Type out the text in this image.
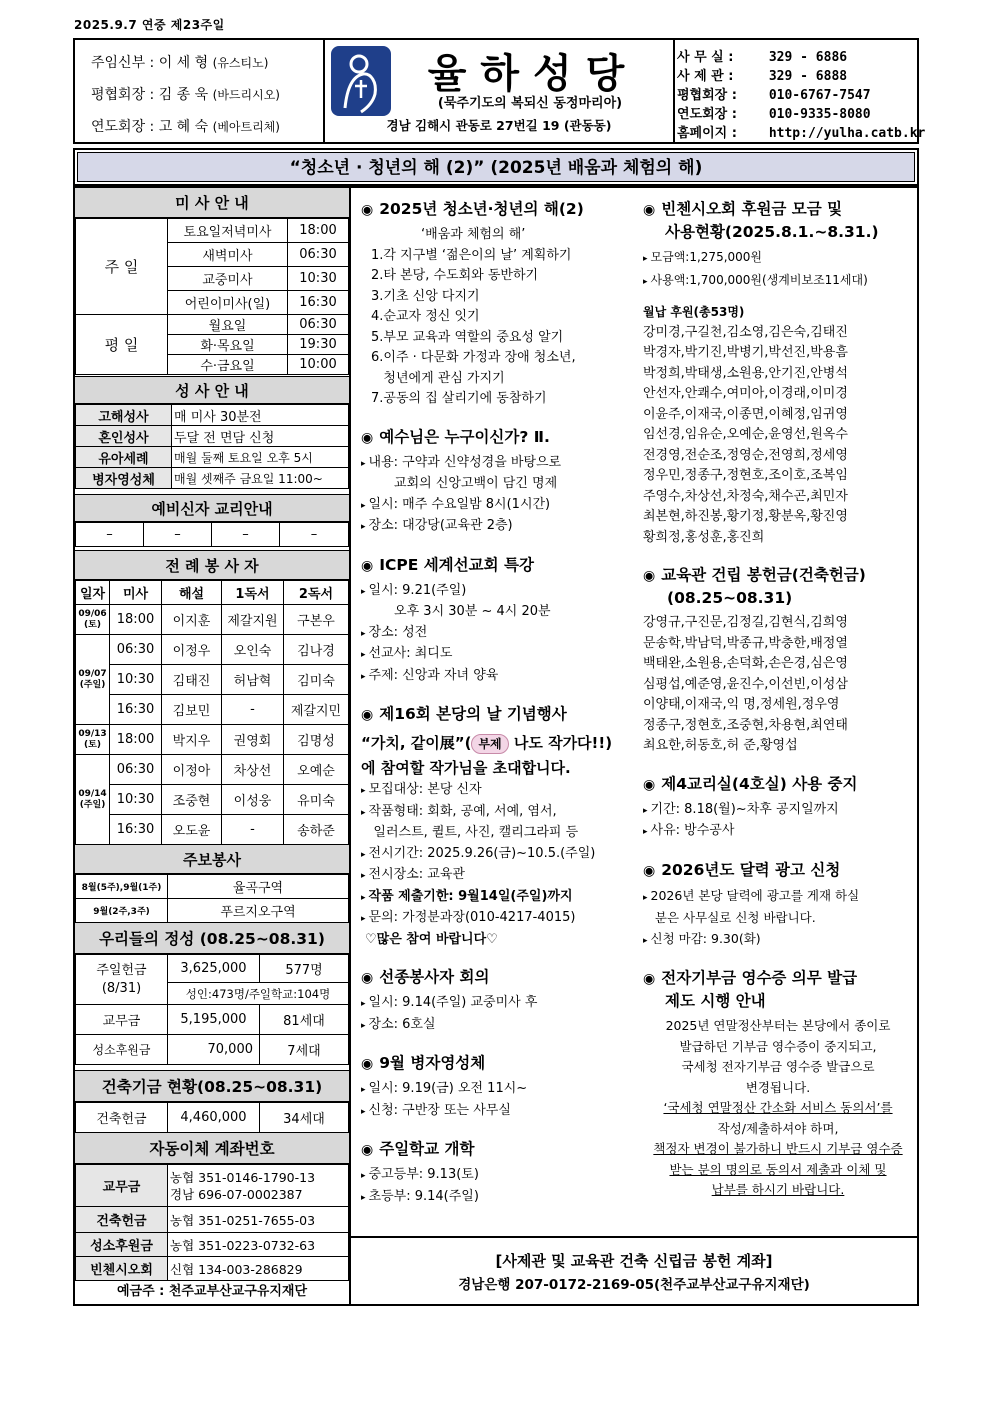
2025.9.7 연중 제23주일
주임신부 : 이 세 형 (유스티노)
평협회장 : 김 종 욱 (바드리시오)
연도회장 : 고 혜 숙 (베아트리체)
율하성당
(묵주기도의 복되신 동정마리아)
경남 김해시 관동로 27번길 19 (관동동)
사 무 실 : 329 - 6886
사 제 관 : 329 - 6888
평협회장 : 010-6767-7547
연도회장 : 010-9335-8080
홈페이지 : http://yulha.catb.kr
“청소년 · 청년의 해 (2)” (2025년 배움과 체험의 해)
미 사 안 내
주 일	토요일저녁미사	18:00
	새벽미사	06:30
	교중미사	10:30
	어린이미사(일)	16:30
평 일	월요일	06:30
	화·목요일	19:30
	수·금요일	10:00
성 사 안 내
고해성사	매 미사 30분전
혼인성사	두달 전 면담 신청
유아세례	매월 둘째 토요일 오후 5시
병자영성체	매월 셋째주 금요일 11:00~
예비신자 교리안내
–	–	–	–
전 례 봉 사 자
일자	미사	해설	1독서	2독서
09/06
(토)	18:00	이지훈	제갈지원	구본우
09/07
(주일)	06:30	이정우	오인숙	김나경
	10:30	김태진	허남혁	김미숙
	16:30	김보민	-	제갈지민
09/13
(토)	18:00	박지우	권영회	김명성
09/14
(주일)	06:30	이정아	차상선	오예순
	10:30	조중현	이성웅	유미숙
	16:30	오도윤	-	송하준
주보봉사
8월(5주),9월(1주)	율곡구역
9월(2주,3주)	푸르지오구역
우리들의 정성 (08.25~08.31)
주일헌금
(8/31)	3,625,000	577명
	성인:473명/주일학교:104명	
교무금	5,195,000	81세대
성소후원금	70,000	7세대
건축기금 현황(08.25~08.31)
건축헌금	4,460,000	34세대
자동이체 계좌번호
교무금	농협 351-0146-1790-13
경남 696-07-0002387

건축헌금	농협 351-0251-7655-03
성소후원금	농협 351-0223-0732-63
빈첸시오회	신협 134-003-286829
예금주 : 천주교부산교구유지재단
◉ 2025년 청소년·청년의 해(2)

‘배움과 체험의 해’

1.각 지구별 ‘젊은이의 날’ 계획하기

2.타 본당, 수도회와 동반하기

3.기초 신앙 다지기

4.순교자 정신 잇기

5.부모 교육과 역할의 중요성 알기

6.이주 · 다문화 가정과 장애 청소년,

청년에게 관심 가지기

7.공동의 집 살리기에 동참하기

◉ 예수님은 누구이신가? Ⅱ.

▸ 내용: 구약과 신약성경을 바탕으로

교회의 신앙고백이 담긴 명제

▸ 일시: 매주 수요일밤 8시(1시간)

▸ 장소: 대강당(교육관 2층)

◉ ICPE 세계선교회 특강

▸ 일시: 9.21(주일)

오후 3시 30분 ~ 4시 20분

▸ 장소: 성전

▸ 선교사: 최디도

▸ 주제: 신앙과 자녀 양육

◉ 제16회 본당의 날 기념행사

“가치, 같이展”( 부제 나도 작가다!!)

에 참여할 작가님을 초대합니다.

▸ 모집대상: 본당 신자

▸ 작품형태: 회화, 공예, 서예, 염서,

일러스트, 퀼트, 사진, 캘리그라피 등

▸ 전시기간: 2025.9.26(금)~10.5.(주일)

▸ 전시장소: 교육관

▸ 작품 제출기한: 9월14일(주일)까지

▸ 문의: 가정분과장(010-4217-4015)

♡많은 참여 바랍니다♡

◉ 선종봉사자 회의

▸ 일시: 9.14(주일) 교중미사 후

▸ 장소: 6호실

◉ 9월 병자영성체

▸ 일시: 9.19(금) 오전 11시~

▸ 신청: 구반장 또는 사무실

◉ 주일학교 개학

▸ 중고등부: 9.13(토)

▸ 초등부: 9.14(주일)

◉ 빈첸시오회 후원금 모금 및
사용현황(2025.8.1.~8.31.)

▸ 모금액:1,275,000원

▸ 사용액:1,700,000원(생계비보조11세대)

월납 후원(총53명)

강미경,구길천,김소영,김은숙,김태진

박경자,박기진,박병기,박선진,박용흠

박정희,박태생,소원용,안기진,안병석

안선자,안쾌수,여미아,이경래,이미경

이윤주,이재국,이종면,이혜정,임귀영

임선경,임유순,오예순,윤영선,원옥수

전경영,전순조,정영순,전영희,정세영

정우민,정종구,정현호,조이호,조복임

주영수,차상선,차정숙,채수곤,최민자

최본현,하진봉,황기정,황분옥,황진영

황희정,홍성훈,홍진희

◉ 교육관 건립 봉헌금(건축헌금)
(08.25~08.31)

강영규,구진문,김정길,김현식,김희영

문송학,박남덕,박종규,박충한,배정열

백태완,소원용,손덕화,손은경,심은영

심평섭,예준영,윤진수,이선빈,이성삼

이양태,이재국,익 명,정세원,정우영

정종구,정현호,조중현,차용현,최연태

최요한,허동호,허 준,황영섭

◉ 제4교리실(4호실) 사용 중지

▸ 기간: 8.18(월)~차후 공지일까지

▸ 사유: 방수공사

◉ 2026년도 달력 광고 신청

▸ 2026년 본당 달력에 광고를 게재 하실

분은 사무실로 신청 바랍니다.

▸ 신청 마감: 9.30(화)

◉ 전자기부금 영수증 의무 발급
제도 시행 안내

2025년 연말정산부터는 본당에서 종이로

발급하던 기부금 영수증이 중지되고,

국세청 전자기부금 영수증 발급으로

변경됩니다.

‘국세청 연말정산 간소화 서비스 동의서’를

작성/제출하셔야 하며,

책정자 변경이 불가하니 반드시 기부금 영수증

받는 분의 명의로 동의서 제출과 이체 및

납부를 하시기 바랍니다.

[사제관 및 교육관 건축 신립금 봉헌 계좌]
경남은행 207-0172-2169-05(천주교부산교구유지재단)
